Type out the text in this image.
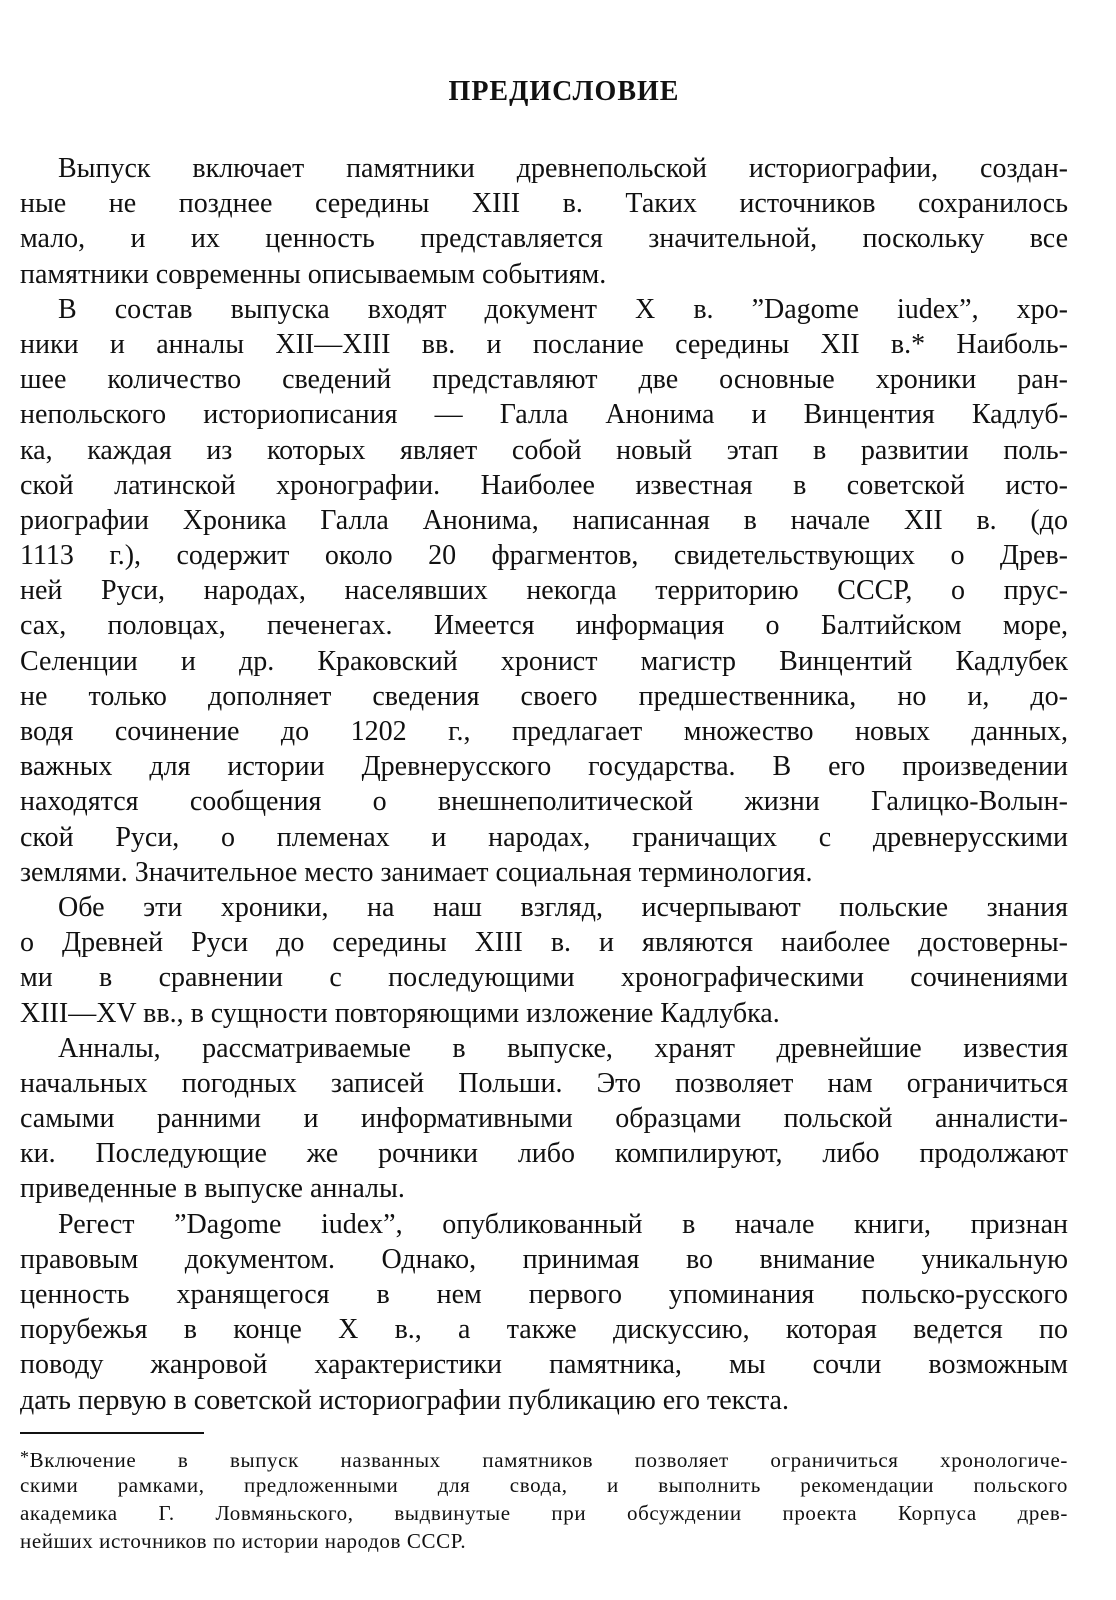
ПРЕДИСЛОВИЕ
Выпуск включает памятники древнепольской историографии, создан-
ные не позднее середины XIII в. Таких источников сохранилось
мало, и их ценность представляется значительной, поскольку все
памятники современны описываемым событиям.
В состав выпуска входят документ X в. ”Dagome iudex”, хро-
ники и анналы XII—XIII вв. и послание середины XII в.* Наиболь-
шее количество сведений представляют две основные хроники ран-
непольского историописания — Галла Анонима и Винцентия Кадлуб-
ка, каждая из которых являет собой новый этап в развитии поль-
ской латинской хронографии. Наиболее известная в советской исто-
риографии Хроника Галла Анонима, написанная в начале XII в. (до
1113 г.), содержит около 20 фрагментов, свидетельствующих о Древ-
ней Руси, народах, населявших некогда территорию СССР, о прус-
сах, половцах, печенегах. Имеется информация о Балтийском море,
Селенции и др. Краковский хронист магистр Винцентий Кадлубек
не только дополняет сведения своего предшественника, но и, до-
водя сочинение до 1202 г., предлагает множество новых данных,
важных для истории Древнерусского государства. В его произведении
находятся сообщения о внешнеполитической жизни Галицко-Волын-
ской Руси, о племенах и народах, граничащих с древнерусскими
землями. Значительное место занимает социальная терминология.
Обе эти хроники, на наш взгляд, исчерпывают польские знания
о Древней Руси до середины XIII в. и являются наиболее достоверны-
ми в сравнении с последующими хронографическими сочинениями
XIII—XV вв., в сущности повторяющими изложение Кадлубка.
Анналы, рассматриваемые в выпуске, хранят древнейшие известия
начальных погодных записей Польши. Это позволяет нам ограничиться
самыми ранними и информативными образцами польской анналисти-
ки. Последующие же рочники либо компилируют, либо продолжают
приведенные в выпуске анналы.
Регест ”Dagome iudex”, опубликованный в начале книги, признан
правовым документом. Однако, принимая во внимание уникальную
ценность хранящегося в нем первого упоминания польско-русского
порубежья в конце X в., а также дискуссию, которая ведется по
поводу жанровой характеристики памятника, мы сочли возможным
дать первую в советской историографии публикацию его текста.
*Включение в выпуск названных памятников позволяет ограничиться хронологиче-
скими рамками, предложенными для свода, и выполнить рекомендации польского
академика Г. Ловмяньского, выдвинутые при обсуждении проекта Корпуса древ-
нейших источников по истории народов СССР.
